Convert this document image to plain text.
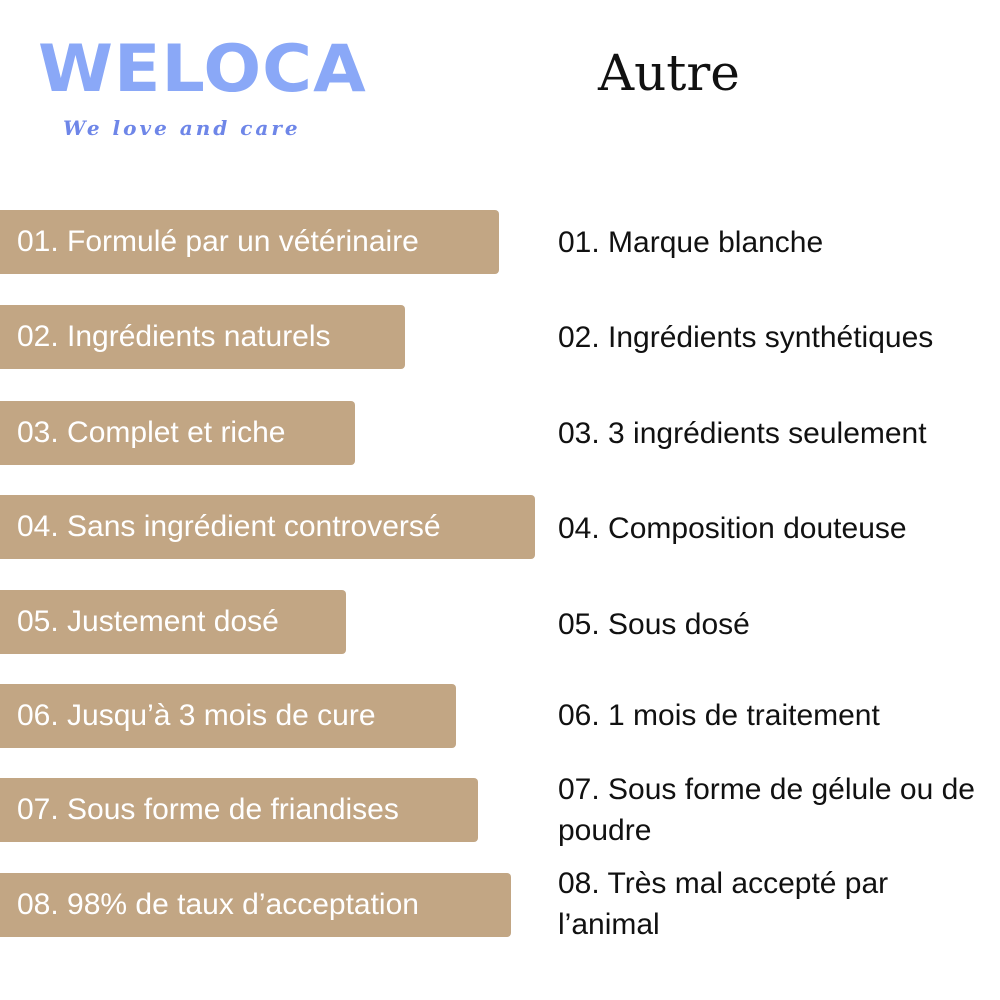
WELOCA
We love and care
Autre
01. Formulé par un vétérinaire
02. Ingrédients naturels
03. Complet et riche
04. Sans ingrédient controversé
05. Justement dosé
06. Jusqu’à 3 mois de cure
07. Sous forme de friandises
08. 98% de taux d’acceptation
01. Marque blanche
02. Ingrédients synthétiques
03. 3 ingrédients seulement
04. Composition douteuse
05. Sous dosé
06. 1 mois de traitement
07. Sous forme de gélule ou de poudre
08. Très mal accepté par l’animal
